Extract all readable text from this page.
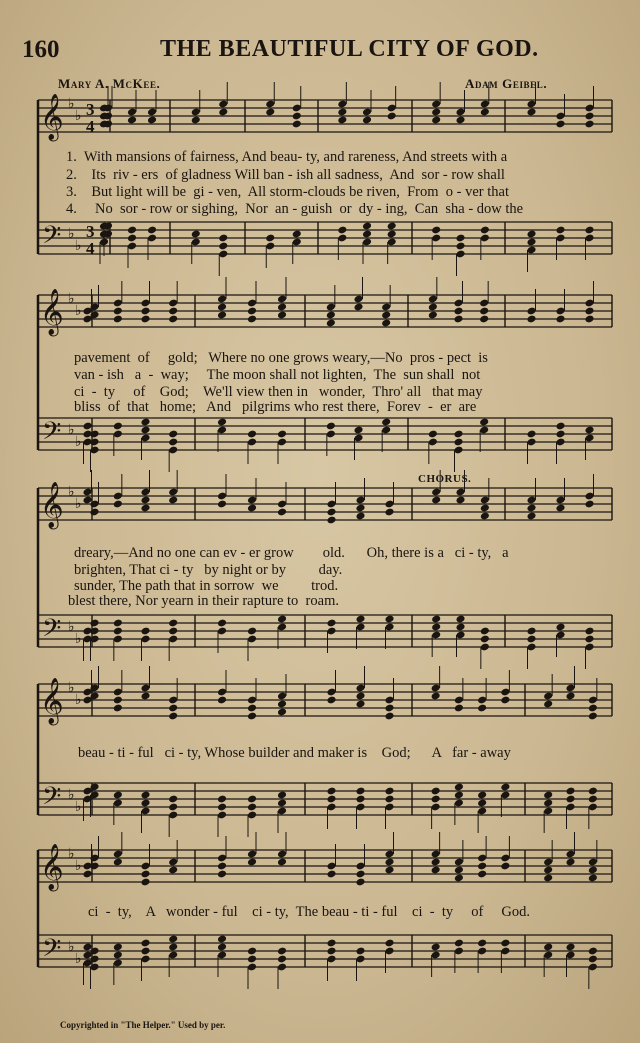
160	THE BEAUTIFUL CITY OF GOD.
Mary A. McKee.	Adam Geibel.
𝄞
𝄢
♭
♭
♭
♭
3
4
3
4
𝄞
𝄢
♭
♭
♭
♭
𝄞
𝄢
♭
♭
♭
♭
𝄞
𝄢
♭
♭
♭
♭
𝄞
𝄢
♭
♭
♭
♭
1.  With mansions of fairness, And beau- ty, and rareness, And streets with a
2.    Its  riv - ers  of gladness Will ban - ish all sadness,  And  sor - row shall
3.    But light will be  gi - ven,  All storm-clouds be riven,  From  o - ver that
4.     No  sor - row or sighing,  Nor  an - guish  or  dy - ing,  Can  sha - dow the
pavement  of     gold;   Where no one grows weary,—No  pros - pect  is
van - ish   a  -  way;     The moon shall not lighten,  The  sun shall  not
ci  -  ty     of    God;    We'll view then in   wonder,  Thro' all   that may
bliss  of  that   home;   And   pilgrims who rest there,  Forev  -  er  are
CHORUS.
dreary,—And no one can ev - er grow        old.      Oh, there is a   ci - ty,   a
brighten, That ci - ty   by night or by         day.
sunder, The path that in sorrow  we         trod.
blest there, Nor yearn in their rapture to  roam.
beau - ti - ful   ci - ty, Whose builder and maker is    God;      A   far - away
ci  -  ty,    A   wonder - ful    ci - ty,  The beau - ti - ful    ci  -  ty     of     God.
Copyrighted in "The Helper." Used by per.
